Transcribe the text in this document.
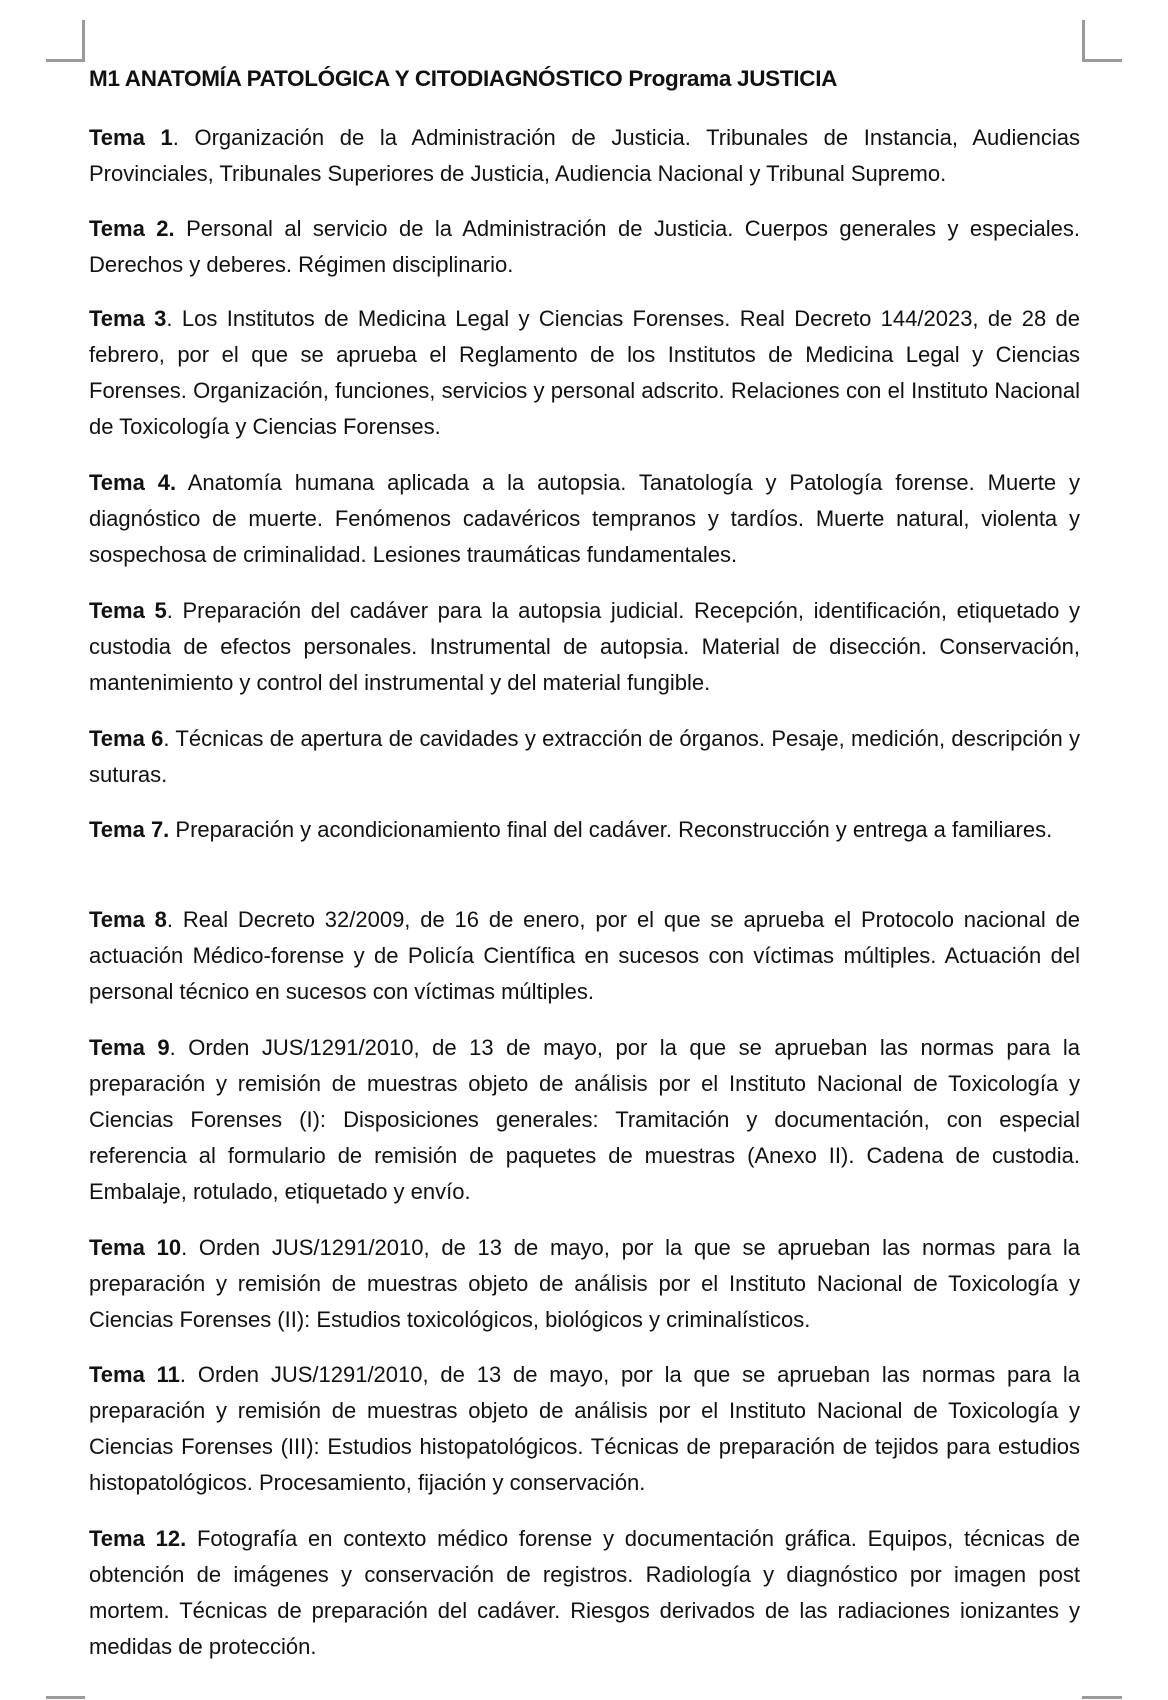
M1 ANATOMÍA PATOLÓGICA Y CITODIAGNÓSTICO Programa JUSTICIA

Tema 1. Organización de la Administración de Justicia. Tribunales de Instancia, Audiencias Provinciales, Tribunales Superiores de Justicia, Audiencia Nacional y Tribunal Supremo.

Tema 2. Personal al servicio de la Administración de Justicia. Cuerpos generales y especiales. Derechos y deberes. Régimen disciplinario.

Tema 3. Los Institutos de Medicina Legal y Ciencias Forenses. Real Decreto 144/2023, de 28 de febrero, por el que se aprueba el Reglamento de los Institutos de Medicina Legal y Ciencias Forenses. Organización, funciones, servicios y personal adscrito. Relaciones con el Instituto Nacional de Toxicología y Ciencias Forenses.

Tema 4. Anatomía humana aplicada a la autopsia. Tanatología y Patología forense. Muerte y diagnóstico de muerte. Fenómenos cadavéricos tempranos y tardíos. Muerte natural, violenta y sospechosa de criminalidad. Lesiones traumáticas fundamentales.

Tema 5. Preparación del cadáver para la autopsia judicial. Recepción, identificación, etiquetado y custodia de efectos personales. Instrumental de autopsia. Material de disección. Conservación, mantenimiento y control del instrumental y del material fungible.

Tema 6. Técnicas de apertura de cavidades y extracción de órganos. Pesaje, medición, descripción y suturas.

Tema 7. Preparación y acondicionamiento final del cadáver. Reconstrucción y entrega a familiares.

Tema 8. Real Decreto 32/2009, de 16 de enero, por el que se aprueba el Protocolo nacional de actuación Médico-forense y de Policía Científica en sucesos con víctimas múltiples. Actuación del personal técnico en sucesos con víctimas múltiples.

Tema 9. Orden JUS/1291/2010, de 13 de mayo, por la que se aprueban las normas para la preparación y remisión de muestras objeto de análisis por el Instituto Nacional de Toxicología y Ciencias Forenses (I): Disposiciones generales: Tramitación y documentación, con especial referencia al formulario de remisión de paquetes de muestras (Anexo II). Cadena de custodia. Embalaje, rotulado, etiquetado y envío.

Tema 10. Orden JUS/1291/2010, de 13 de mayo, por la que se aprueban las normas para la preparación y remisión de muestras objeto de análisis por el Instituto Nacional de Toxicología y Ciencias Forenses (II): Estudios toxicológicos, biológicos y criminalísticos.

Tema 11. Orden JUS/1291/2010, de 13 de mayo, por la que se aprueban las normas para la preparación y remisión de muestras objeto de análisis por el Instituto Nacional de Toxicología y Ciencias Forenses (III): Estudios histopatológicos. Técnicas de preparación de tejidos para estudios histopatológicos. Procesamiento, fijación y conservación.

Tema 12. Fotografía en contexto médico forense y documentación gráfica. Equipos, técnicas de obtención de imágenes y conservación de registros. Radiología y diagnóstico por imagen post mortem. Técnicas de preparación del cadáver. Riesgos derivados de las radiaciones ionizantes y medidas de protección.
